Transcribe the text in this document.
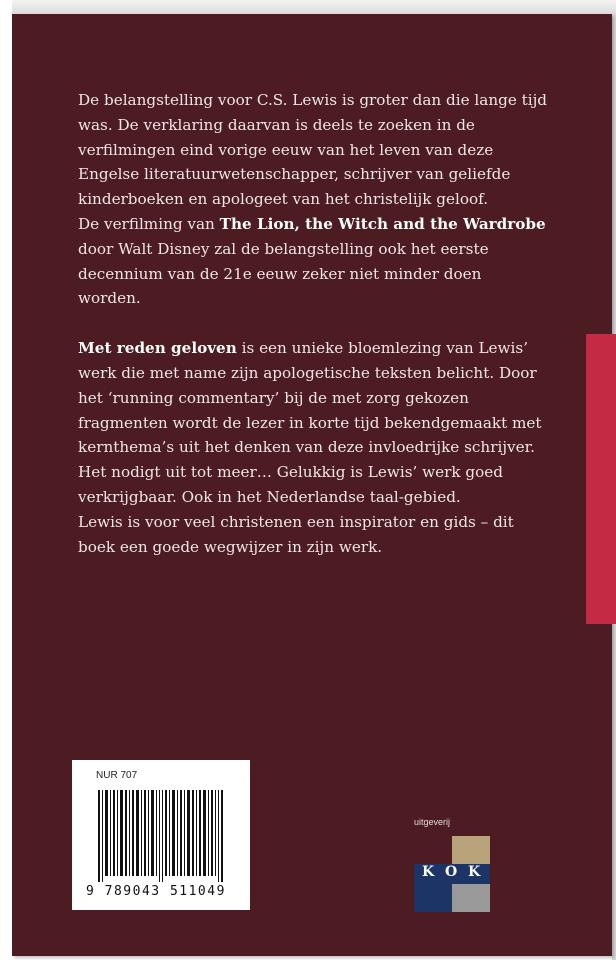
De belangstelling voor C.S. Lewis is groter dan die lange tijd was. De verklaring daarvan is deels te zoeken in de verfilmingen eind vorige eeuw van het leven van deze Engelse literatuurwetenschapper, schrijver van geliefde kinderboeken en apologeet van het christelijk geloof.
De verfilming van The Lion, the Witch and the Wardrobe door Walt Disney zal de belangstelling ook het eerste decennium van de 21e eeuw zeker niet minder doen worden.

Met reden geloven is een unieke bloemlezing van Lewis’ werk die met name zijn apologetische teksten belicht. Door het ‘running commentary’ bij de met zorg gekozen fragmenten wordt de lezer in korte tijd bekendgemaakt met kernthema’s uit het denken van deze invloedrijke schrijver. Het nodigt uit tot meer… Gelukkig is Lewis’ werk goed verkrijgbaar. Ook in het Nederlandse taal-gebied.

Lewis is voor veel christenen een inspirator en gids – dit boek een goede wegwijzer in zijn werk.

NUR 707
9 789043 511049
uitgeverij
K O K
